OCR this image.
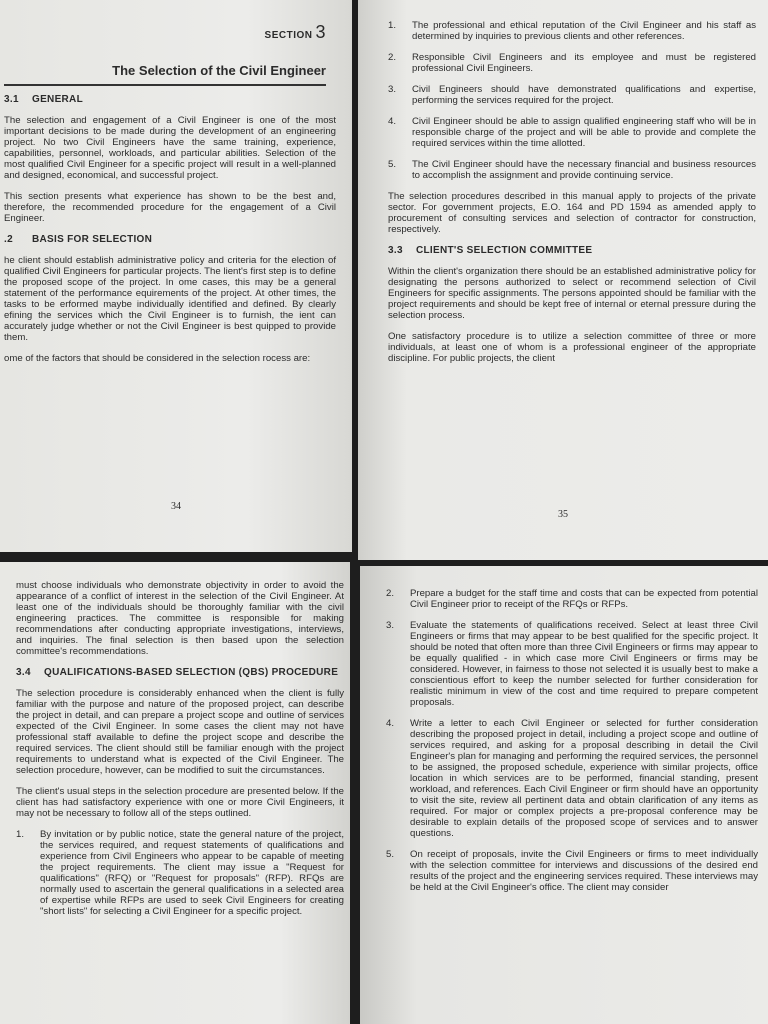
SECTION 3
The Selection of the Civil Engineer
3.1 GENERAL

The selection and engagement of a Civil Engineer is one of the most important decisions to be made during the development of an engineering project. No two Civil Engineers have the same training, experience, capabilities, personnel, workloads, and particular abilities. Selection of the most qualified Civil Engineer for a specific project will result in a well-planned and designed, economical, and successful project.

This section presents what experience has shown to be the best and, therefore, the recommended procedure for the engagement of a Civil Engineer.

.2 BASIS FOR SELECTION

he client should establish administrative policy and criteria for the election of qualified Civil Engineers for particular projects. The lient's first step is to define the proposed scope of the project. In ome cases, this may be a general statement of the performance equirements of the project. At other times, the tasks to be erformed maybe individually identified and defined. By clearly efining the services which the Civil Engineer is to furnish, the ient can accurately judge whether or not the Civil Engineer is best quipped to provide them.

ome of the factors that should be considered in the selection rocess are:

34
1.	The professional and ethical reputation of the Civil Engineer and his staff as determined by inquiries to previous clients and other references.
2.	Responsible Civil Engineers and its employee and must be registered professional Civil Engineers.
3.	Civil Engineers should have demonstrated qualifications and expertise, performing the services required for the project.
4.	Civil Engineer should be able to assign qualified engineering staff who will be in responsible charge of the project and will be able to provide and complete the required services within the time allotted.
5.	The Civil Engineer should have the necessary financial and business resources to accomplish the assignment and provide continuing service.

The selection procedures described in this manual apply to projects of the private sector. For government projects, E.O. 164 and PD 1594 as amended apply to procurement of consulting services and selection of contractor for construction, respectively.

3.3 CLIENT'S SELECTION COMMITTEE

Within the client's organization there should be an established administrative policy for designating the persons authorized to select or recommend selection of Civil Engineers for specific assignments. The persons appointed should be familiar with the project requirements and should be kept free of internal or eternal pressure during the selection process.

One satisfactory procedure is to utilize a selection committee of three or more individuals, at least one of whom is a professional engineer of the appropriate discipline. For public projects, the client

35

must choose individuals who demonstrate objectivity in order to avoid the appearance of a conflict of interest in the selection of the Civil Engineer. At least one of the individuals should be thoroughly familiar with the civil engineering practices. The committee is responsible for making recommendations after conducting appropriate investigations, interviews, and inquiries. The final selection is then based upon the selection committee's recommendations.

3.4	QUALIFICATIONS-BASED SELECTION (QBS) PROCEDURE

The selection procedure is considerably enhanced when the client is fully familiar with the purpose and nature of the proposed project, can describe the project in detail, and can prepare a project scope and outline of services expected of the Civil Engineer. In some cases the client may not have professional staff available to define the project scope and describe the required services. The client should still be familiar enough with the project requirements to understand what is expected of the Civil Engineer. The selection procedure, however, can be modified to suit the circumstances.

The client's usual steps in the selection procedure are presented below. If the client has had satisfactory experience with one or more Civil Engineers, it may not be necessary to follow all of the steps outlined.

1.	By invitation or by public notice, state the general nature of the project, the services required, and request statements of qualifications and experience from Civil Engineers who appear to be capable of meeting the project requirements. The client may issue a "Request for qualifications" (RFQ) or "Request for proposals" (RFP). RFQs are normally used to ascertain the general qualifications in a selected area of expertise while RFPs are used to seek Civil Engineers for creating "short lists" for selecting a Civil Engineer for a specific project.
2.	Prepare a budget for the staff time and costs that can be expected from potential Civil Engineer prior to receipt of the RFQs or RFPs.
3.	Evaluate the statements of qualifications received. Select at least three Civil Engineers or firms that may appear to be best qualified for the specific project. It should be noted that often more than three Civil Engineers or firms may appear to be equally qualified - in which case more Civil Engineers or firms may be considered. However, in fairness to those not selected it is usually best to make a conscientious effort to keep the number selected for further consideration for realistic minimum in view of the cost and time required to prepare competent proposals.
4.	Write a letter to each Civil Engineer or selected for further consideration describing the proposed project in detail, including a project scope and outline of services required, and asking for a proposal describing in detail the Civil Engineer's plan for managing and performing the required services, the personnel to be assigned, the proposed schedule, experience with similar projects, office location in which services are to be performed, financial standing, present workload, and references. Each Civil Engineer or firm should have an opportunity to visit the site, review all pertinent data and obtain clarification of any items as required. For major or complex projects a pre-proposal conference may be desirable to explain details of the proposed scope of services and to answer questions.
5.	On receipt of proposals, invite the Civil Engineers or firms to meet individually with the selection committee for interviews and discussions of the desired end results of the project and the engineering services required. These interviews may be held at the Civil Engineer's office. The client may consider
